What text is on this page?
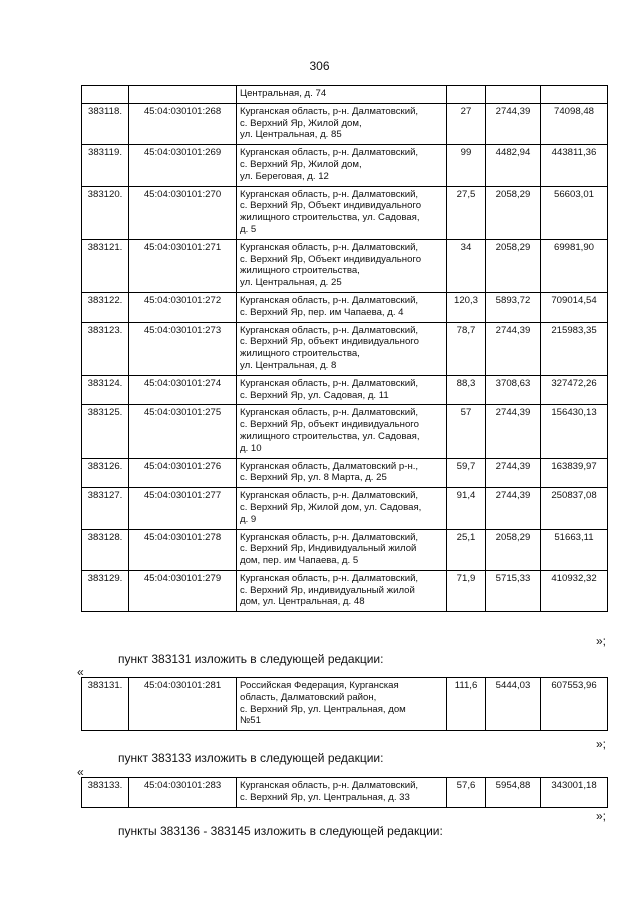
306

		Центральная, д. 74			

383118.	45:04:030101:268	Курганская область, р-н. Далматовский,
с. Верхний Яр, Жилой дом,
ул. Центральная, д. 85	27	2744,39	74098,48
383119.	45:04:030101:269	Курганская область, р-н. Далматовский,
с. Верхний Яр, Жилой дом,
ул. Береговая, д. 12	99	4482,94	443811,36
383120.	45:04:030101:270	Курганская область, р-н. Далматовский,
с. Верхний Яр, Объект индивидуального
жилищного строительства, ул. Садовая,
д. 5	27,5	2058,29	56603,01
383121.	45:04:030101:271	Курганская область, р-н. Далматовский,
с. Верхний Яр, Объект индивидуального
жилищного строительства,
ул. Центральная, д. 25	34	2058,29	69981,90
383122.	45:04:030101:272	Курганская область, р-н. Далматовский,
с. Верхний Яр, пер. им Чапаева, д. 4	120,3	5893,72	709014,54
383123.	45:04:030101:273	Курганская область, р-н. Далматовский,
с. Верхний Яр, объект индивидуального
жилищного строительства,
ул. Центральная, д. 8	78,7	2744,39	215983,35
383124.	45:04:030101:274	Курганская область, р-н. Далматовский,
с. Верхний Яр, ул. Садовая, д. 11	88,3	3708,63	327472,26
383125.	45:04:030101:275	Курганская область, р-н. Далматовский,
с. Верхний Яр, объект индивидуального
жилищного строительства, ул. Садовая,
д. 10	57	2744,39	156430,13
383126.	45:04:030101:276	Курганская область, Далматовский р-н.,
с. Верхний Яр, ул. 8 Марта, д. 25	59,7	2744,39	163839,97
383127.	45:04:030101:277	Курганская область, р-н. Далматовский,
с. Верхний Яр, Жилой дом, ул. Садовая,
д. 9	91,4	2744,39	250837,08
383128.	45:04:030101:278	Курганская область, р-н. Далматовский,
с. Верхний Яр, Индивидуальный жилой
дом, пер. им Чапаева, д. 5	25,1	2058,29	51663,11
383129.	45:04:030101:279	Курганская область, р-н. Далматовский,
с. Верхний Яр, индивидуальный жилой
дом, ул. Центральная, д. 48	71,9	5715,33	410932,32
»;
пункт 383131 изложить в следующей редакции:
«
383131.	45:04:030101:281	Российская Федерация, Курганская
область, Далматовский район,
с. Верхний Яр, ул. Центральная, дом
№51
	111,6	5444,03	607553,96
»;
пункт 383133 изложить в следующей редакции:
«
383133.	45:04:030101:283	Курганская область, р-н. Далматовский,
с. Верхний Яр, ул. Центральная, д. 33
	57,6	5954,88	343001,18
»;
пункты 383136 - 383145 изложить в следующей редакции:
